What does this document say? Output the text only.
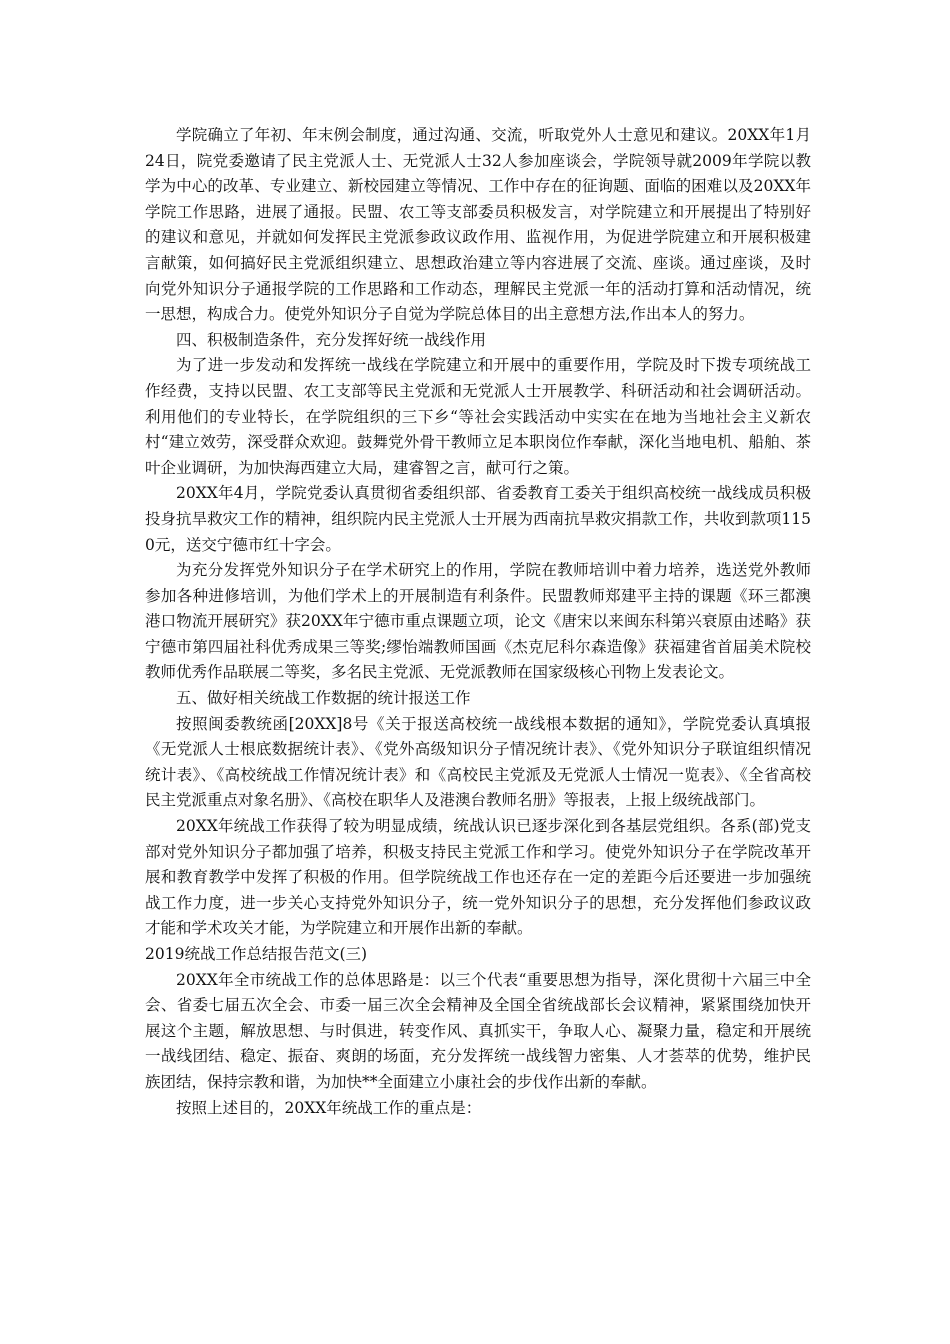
学院确立了年初、年末例会制度，通过沟通、交流，听取党外人士意见和建议。20XX年1月24日，院党委邀请了民主党派人士、无党派人士32人参加座谈会，学院领导就2009年学院以教学为中心的改革、专业建立、新校园建立等情况、工作中存在的征询题、面临的困难以及20XX年学院工作思路，进展了通报。民盟、农工等支部委员积极发言，对学院建立和开展提出了特别好的建议和意见，并就如何发挥民主党派参政议政作用、监视作用，为促进学院建立和开展积极建言献策，如何搞好民主党派组织建立、思想政治建立等内容进展了交流、座谈。通过座谈，及时向党外知识分子通报学院的工作思路和工作动态，理解民主党派一年的活动打算和活动情况，统一思想，构成合力。使党外知识分子自觉为学院总体目的出主意想方法,作出本人的努力。

四、积极制造条件，充分发挥好统一战线作用

为了进一步发动和发挥统一战线在学院建立和开展中的重要作用，学院及时下拨专项统战工作经费，支持以民盟、农工支部等民主党派和无党派人士开展教学、科研活动和社会调研活动。利用他们的专业特长，在学院组织的三下乡“等社会实践活动中实实在在地为当地社会主义新农村“建立效劳，深受群众欢迎。鼓舞党外骨干教师立足本职岗位作奉献，深化当地电机、船舶、茶叶企业调研，为加快海西建立大局，建睿智之言，献可行之策。

20XX年4月，学院党委认真贯彻省委组织部、省委教育工委关于组织高校统一战线成员积极投身抗旱救灾工作的精神，组织院内民主党派人士开展为西南抗旱救灾捐款工作，共收到款项1150元，送交宁德市红十字会。

为充分发挥党外知识分子在学术研究上的作用，学院在教师培训中着力培养，选送党外教师参加各种进修培训，为他们学术上的开展制造有利条件。民盟教师郑建平主持的课题《环三都澳港口物流开展研究》获20XX年宁德市重点课题立项，论文《唐宋以来闽东科第兴衰原由述略》获宁德市第四届社科优秀成果三等奖;缪怡端教师国画《杰克尼科尔森造像》获福建省首届美术院校教师优秀作品联展二等奖，多名民主党派、无党派教师在国家级核心刊物上发表论文。

五、做好相关统战工作数据的统计报送工作

按照闽委教统函[20XX]8号《关于报送高校统一战线根本数据的通知》，学院党委认真填报《无党派人士根底数据统计表》、《党外高级知识分子情况统计表》、《党外知识分子联谊组织情况统计表》、《高校统战工作情况统计表》和《高校民主党派及无党派人士情况一览表》、《全省高校民主党派重点对象名册》、《高校在职华人及港澳台教师名册》等报表，上报上级统战部门。

20XX年统战工作获得了较为明显成绩，统战认识已逐步深化到各基层党组织。各系(部)党支部对党外知识分子都加强了培养，积极支持民主党派工作和学习。使党外知识分子在学院改革开展和教育教学中发挥了积极的作用。但学院统战工作也还存在一定的差距今后还要进一步加强统战工作力度，进一步关心支持党外知识分子，统一党外知识分子的思想，充分发挥他们参政议政才能和学术攻关才能，为学院建立和开展作出新的奉献。

2019统战工作总结报告范文(三)

20XX年全市统战工作的总体思路是：以三个代表“重要思想为指导，深化贯彻十六届三中全会、省委七届五次全会、市委一届三次全会精神及全国全省统战部长会议精神，紧紧围绕加快开展这个主题，解放思想、与时俱进，转变作风、真抓实干，争取人心、凝聚力量，稳定和开展统一战线团结、稳定、振奋、爽朗的场面，充分发挥统一战线智力密集、人才荟萃的优势，维护民族团结，保持宗教和谐，为加快**全面建立小康社会的步伐作出新的奉献。

按照上述目的，20XX年统战工作的重点是：
